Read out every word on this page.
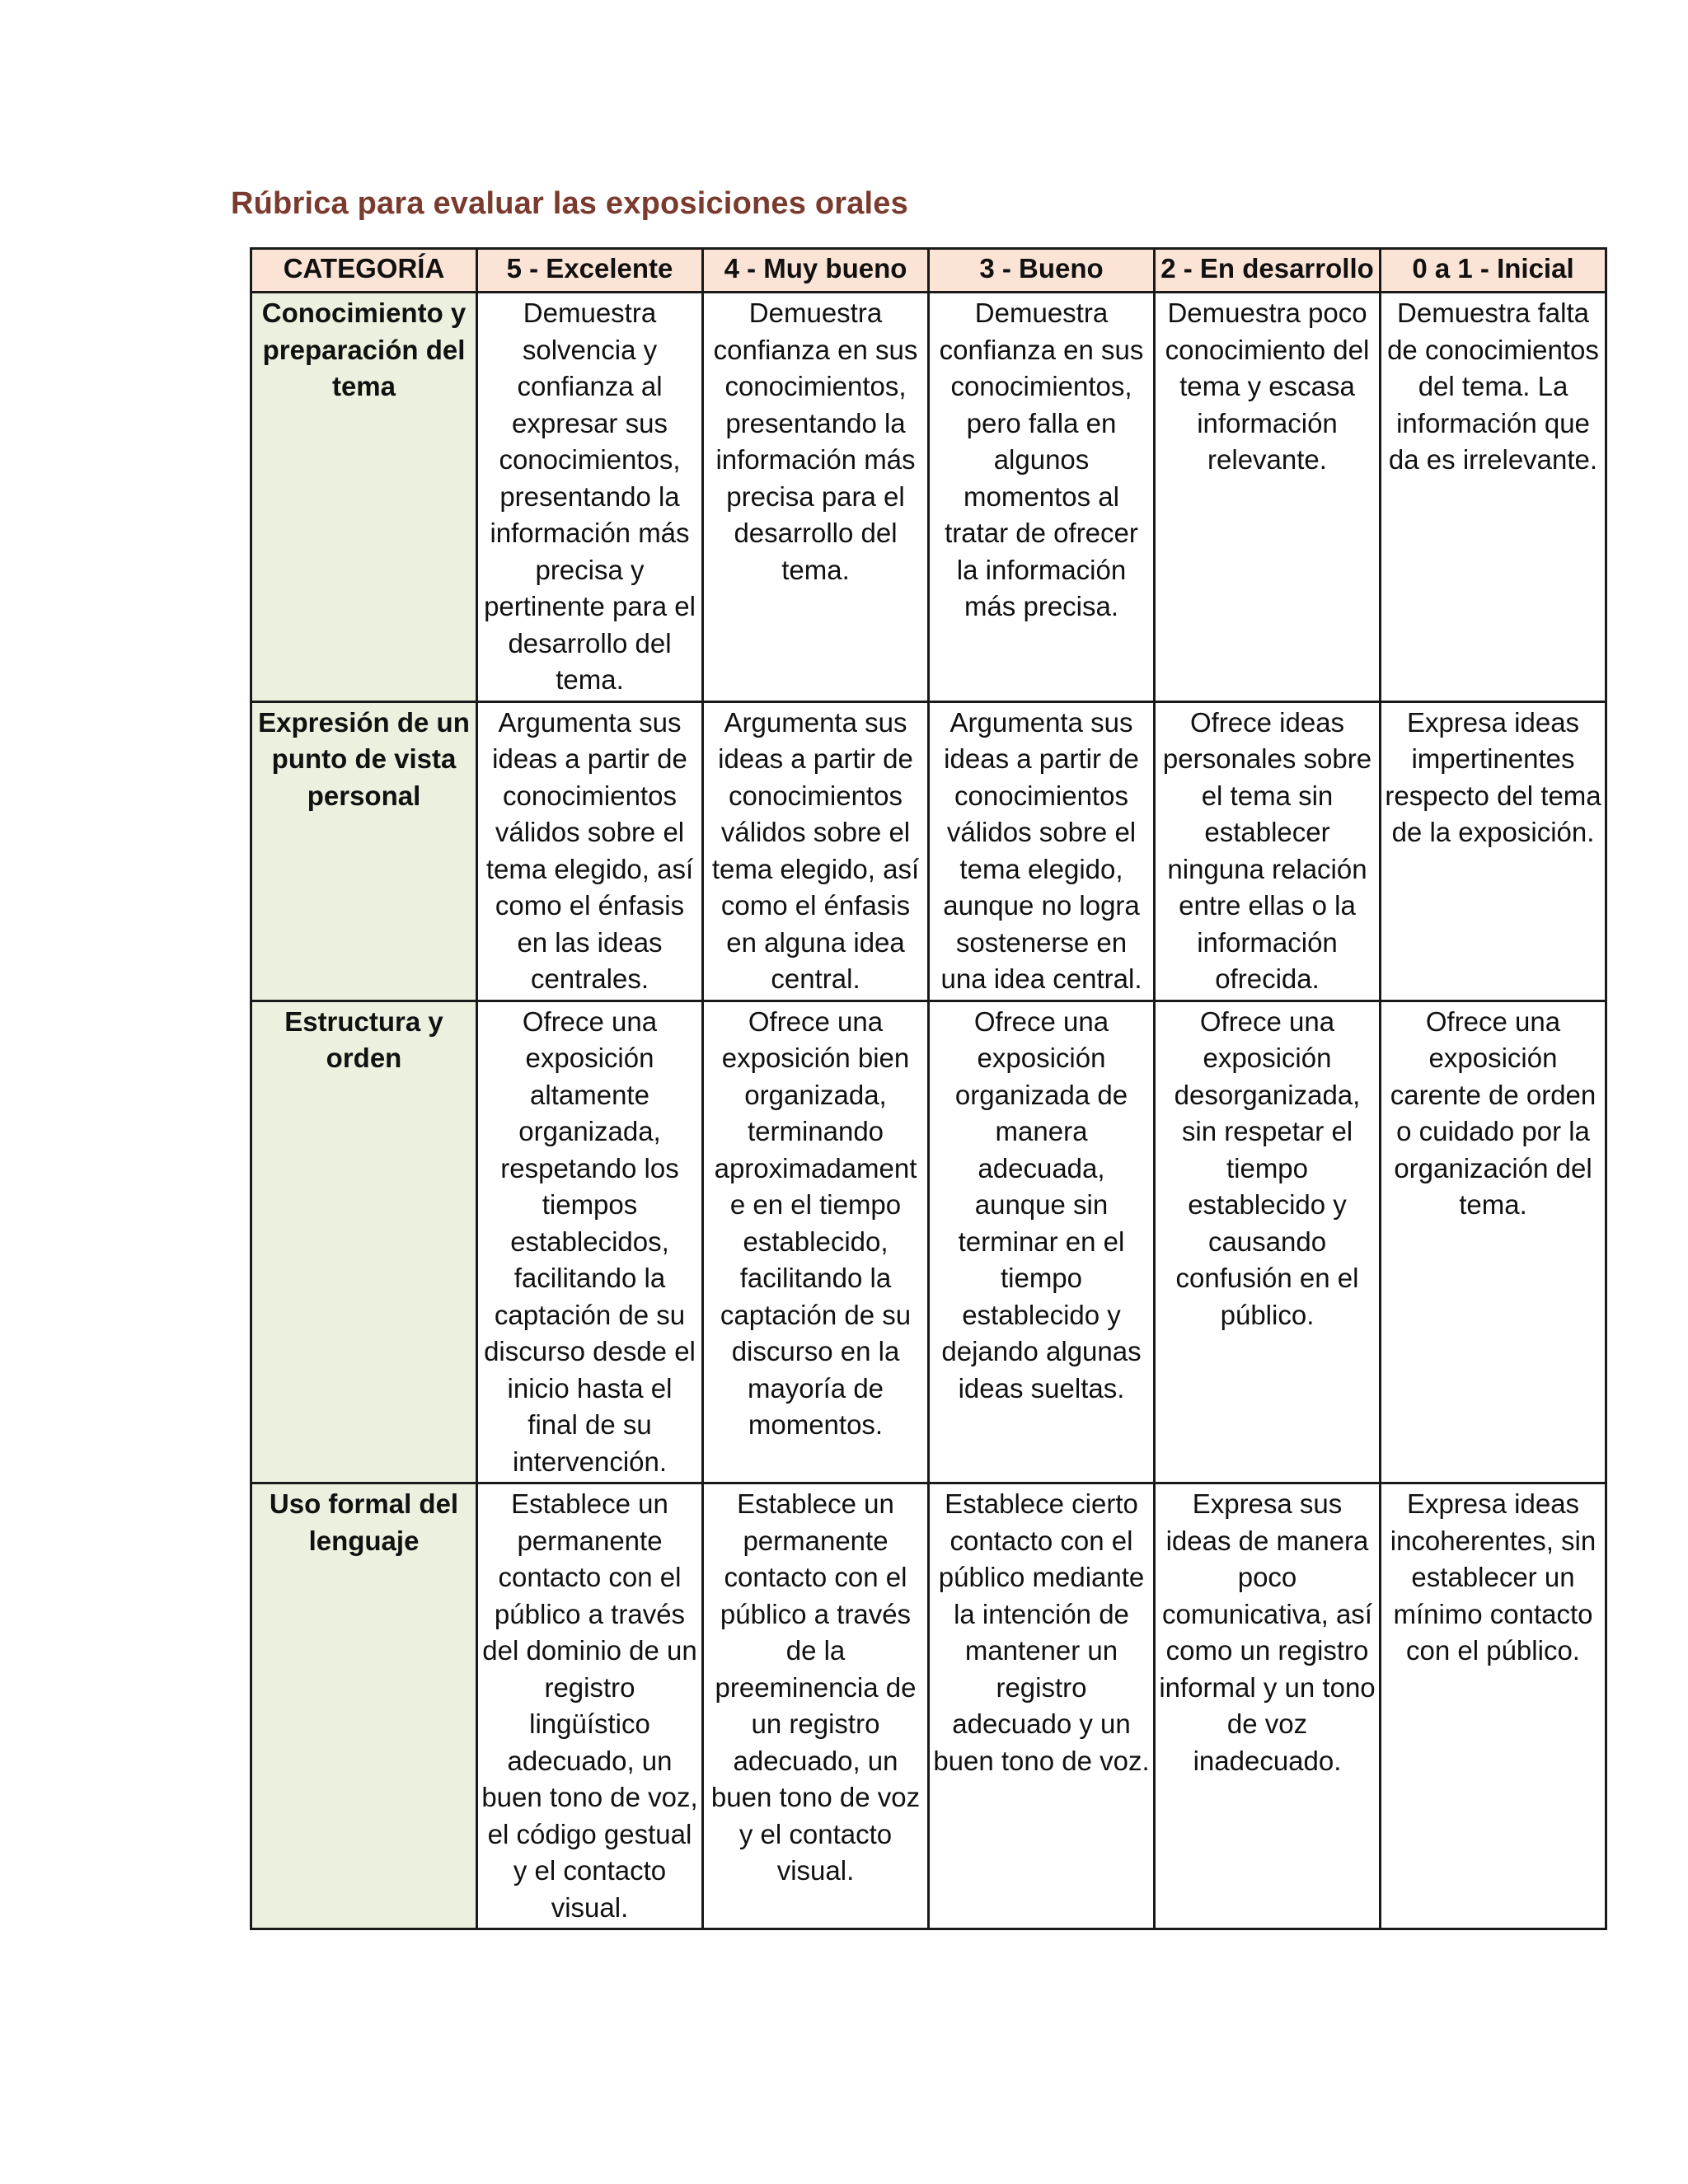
Rúbrica para evaluar las exposiciones orales
CATEGORÍA	5 - Excelente	4 - Muy bueno	3 - Bueno	2 - En desarrollo	0 a 1 - Inicial
Conocimiento y preparación del tema	Demuestra solvencia y confianza al expresar sus conocimientos, presentando la información más precisa y pertinente para el desarrollo del tema.	Demuestra confianza en sus conocimientos, presentando la información más precisa para el desarrollo del tema.	Demuestra confianza en sus conocimientos, pero falla en algunos momentos al tratar de ofrecer la información más precisa.	Demuestra poco conocimiento del tema y escasa información relevante.	Demuestra falta de conocimientos del tema. La información que da es irrelevante.
Expresión de un punto de vista personal	Argumenta sus ideas a partir de conocimientos válidos sobre el tema elegido, así como el énfasis en las ideas centrales.	Argumenta sus ideas a partir de conocimientos válidos sobre el tema elegido, así como el énfasis en alguna idea central.	Argumenta sus ideas a partir de conocimientos válidos sobre el tema elegido, aunque no logra sostenerse en una idea central.	Ofrece ideas personales sobre el tema sin establecer ninguna relación entre ellas o la información ofrecida.	Expresa ideas impertinentes respecto del tema de la exposición.
Estructura y orden	Ofrece una exposición altamente organizada, respetando los tiempos establecidos, facilitando la captación de su discurso desde el inicio hasta el final de su intervención.	Ofrece una exposición bien organizada, terminando aproximadamente en el tiempo establecido, facilitando la captación de su discurso en la mayoría de momentos.	Ofrece una exposición organizada de manera adecuada, aunque sin terminar en el tiempo establecido y dejando algunas ideas sueltas.	Ofrece una exposición desorganizada, sin respetar el tiempo establecido y causando confusión en el público.	Ofrece una exposición carente de orden o cuidado por la organización del tema.
Uso formal del lenguaje	Establece un permanente contacto con el público a través del dominio de un registro lingüístico adecuado, un buen tono de voz, el código gestual y el contacto visual.	Establece un permanente contacto con el público a través de la preeminencia de un registro adecuado, un buen tono de voz y el contacto visual.	Establece cierto contacto con el público mediante la intención de mantener un registro adecuado y un buen tono de voz.	Expresa sus ideas de manera poco comunicativa, así como un registro informal y un tono de voz inadecuado.	Expresa ideas incoherentes, sin establecer un mínimo contacto con el público.
